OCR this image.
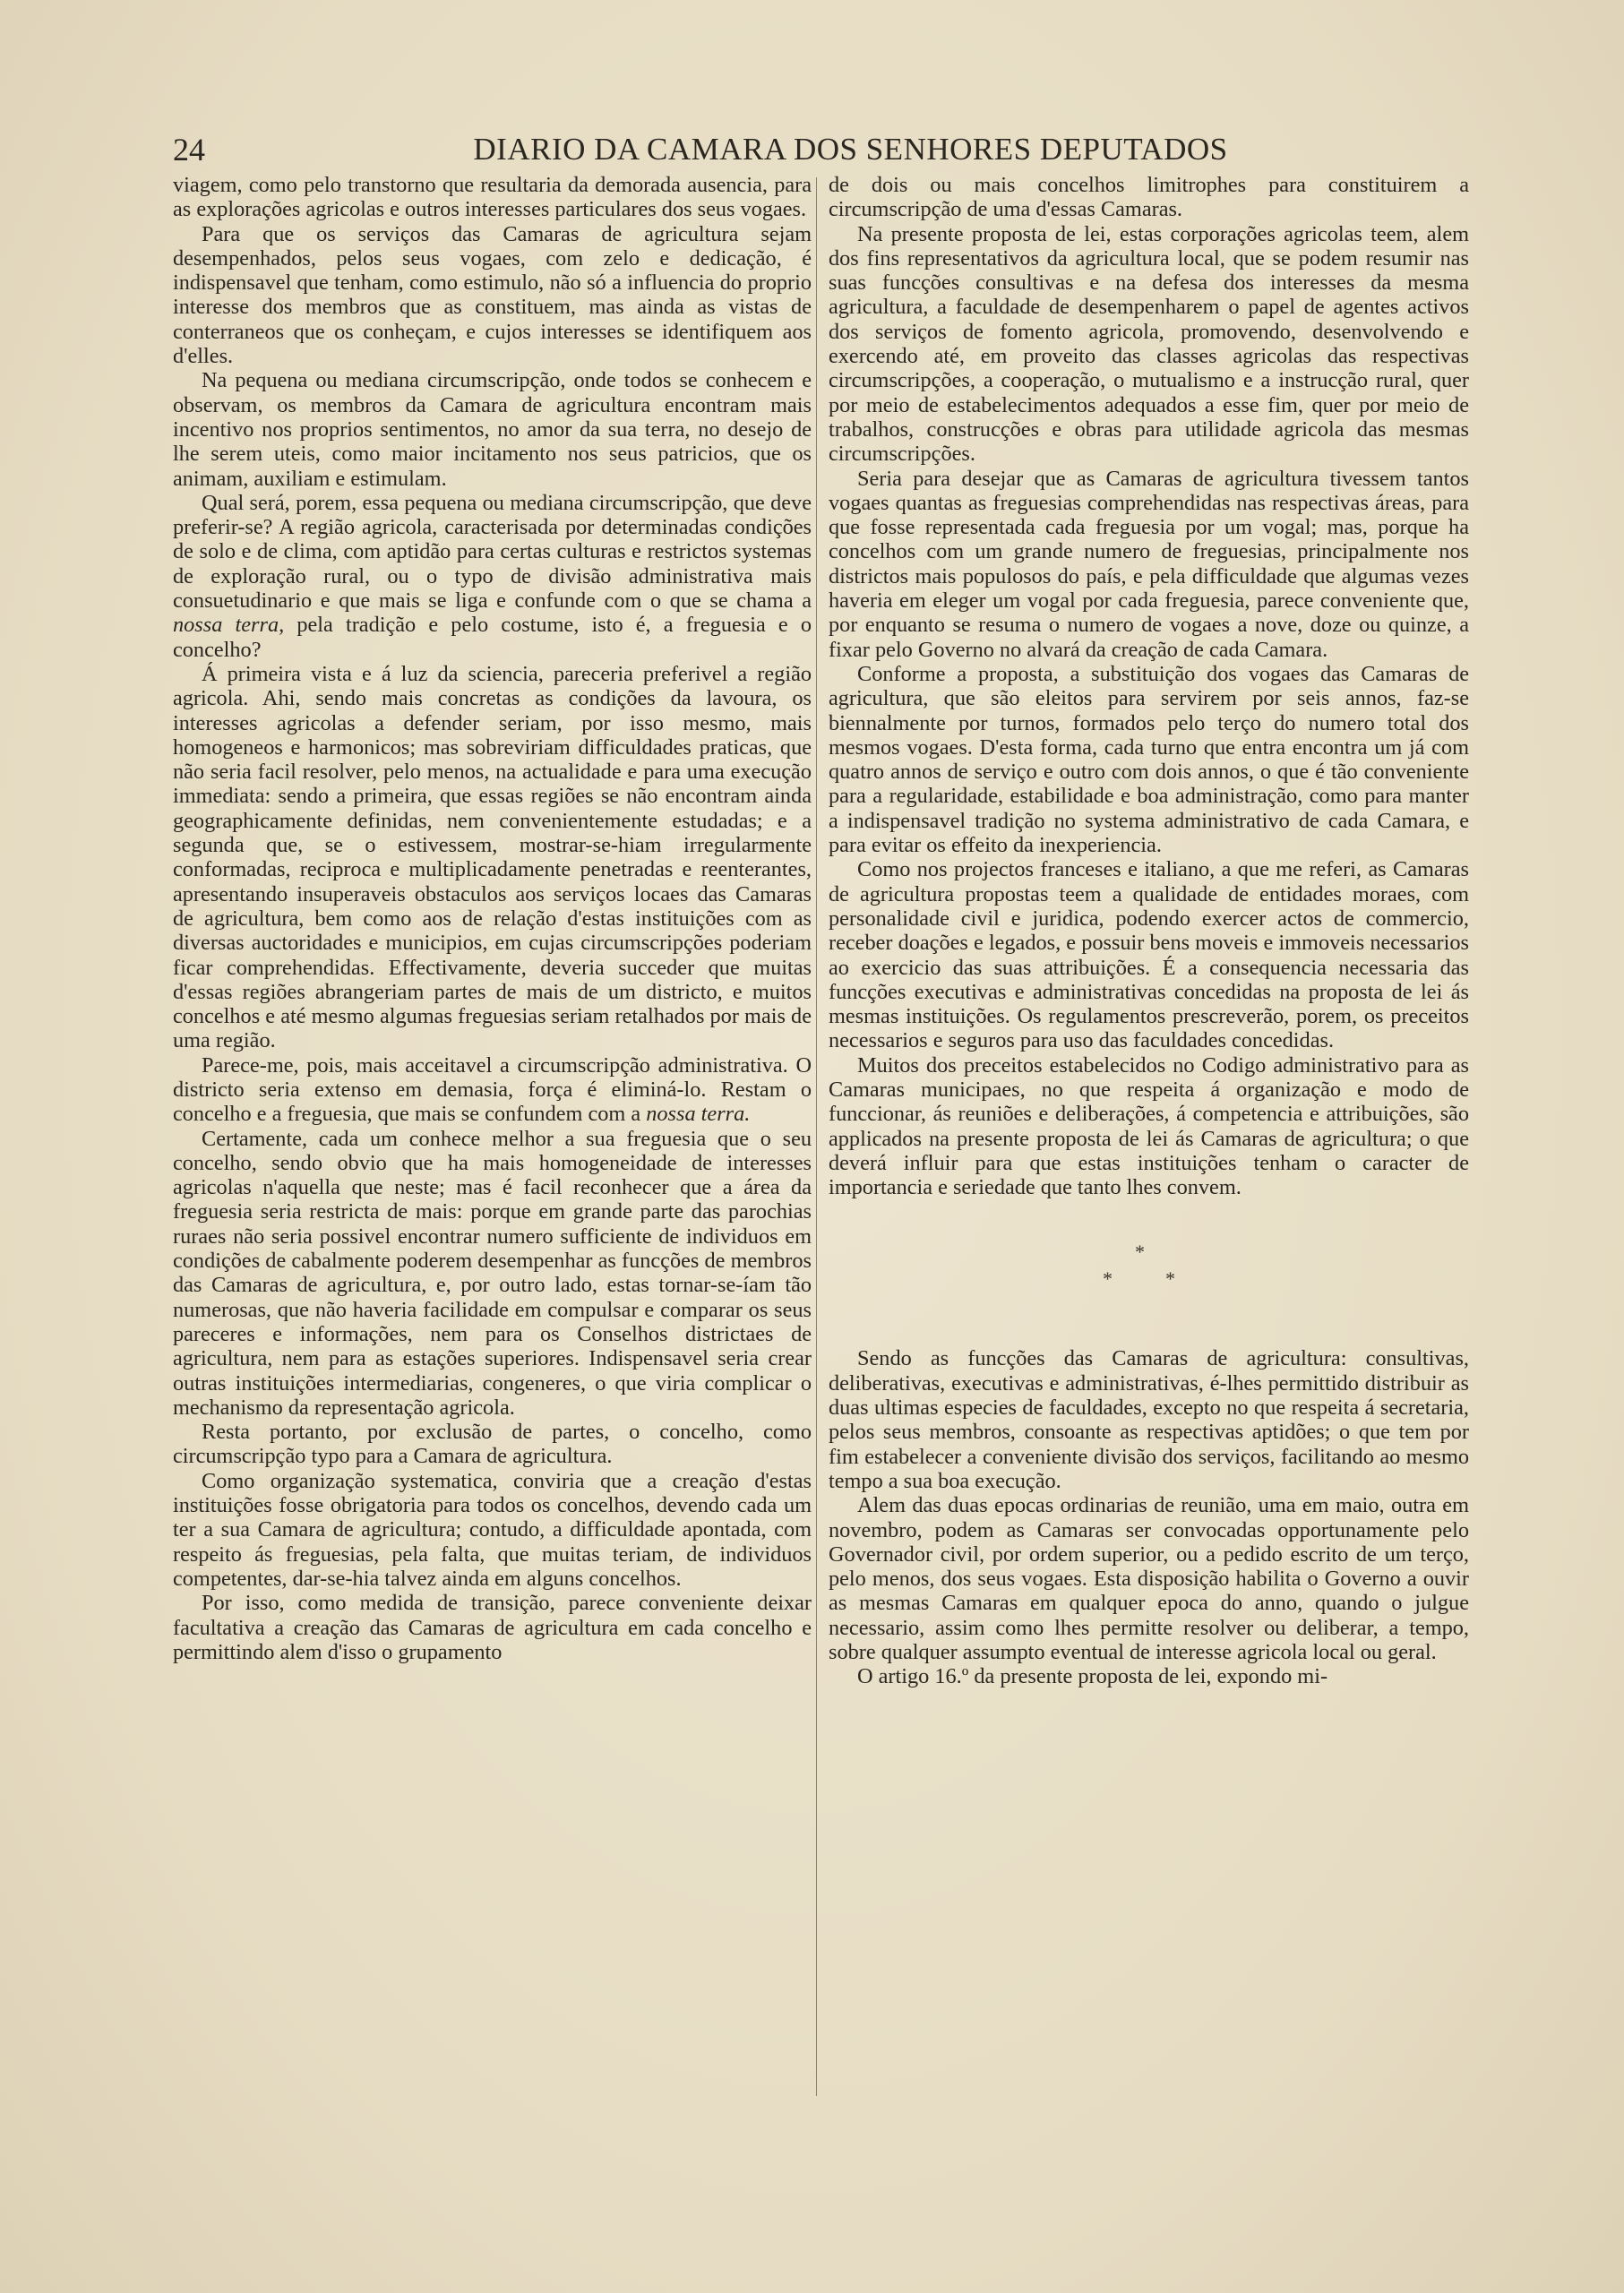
24	DIARIO DA CAMARA DOS SENHORES DEPUTADOS

viagem, como pelo transtorno que resultaria da demorada ausencia, para as explorações agricolas e outros interesses particulares dos seus vogaes.

Para que os serviços das Camaras de agricultura sejam desempenhados, pelos seus vogaes, com zelo e dedicação, é indispensavel que tenham, como estimulo, não só a influencia do proprio interesse dos membros que as constituem, mas ainda as vistas de conterraneos que os conheçam, e cujos interesses se identifiquem aos d'elles.

Na pequena ou mediana circumscripção, onde todos se conhecem e observam, os membros da Camara de agricultura encontram mais incentivo nos proprios sentimentos, no amor da sua terra, no desejo de lhe serem uteis, como maior incitamento nos seus patricios, que os animam, auxiliam e estimulam.

Qual será, porem, essa pequena ou mediana circumscripção, que deve preferir-se? A região agricola, caracterisada por determinadas condições de solo e de clima, com aptidão para certas culturas e restrictos systemas de exploração rural, ou o typo de divisão administrativa mais consuetudinario e que mais se liga e confunde com o que se chama a nossa terra, pela tradição e pelo costume, isto é, a freguesia e o concelho?

Á primeira vista e á luz da sciencia, pareceria preferivel a região agricola. Ahi, sendo mais concretas as condições da lavoura, os interesses agricolas a defender seriam, por isso mesmo, mais homogeneos e harmonicos; mas sobreviriam difficuldades praticas, que não seria facil resolver, pelo menos, na actualidade e para uma execução immediata: sendo a primeira, que essas regiões se não encontram ainda geographicamente definidas, nem convenientemente estudadas; e a segunda que, se o estivessem, mostrar-se-hiam irregularmente conformadas, reciproca e multiplicadamente penetradas e reenterantes, apresentando insuperaveis obstaculos aos serviços locaes das Camaras de agricultura, bem como aos de relação d'estas instituições com as diversas auctoridades e municipios, em cujas circumscripções poderiam ficar comprehendidas. Effectivamente, deveria succeder que muitas d'essas regiões abrangeriam partes de mais de um districto, e muitos concelhos e até mesmo algumas freguesias seriam retalhados por mais de uma região.

Parece-me, pois, mais acceitavel a circumscripção administrativa. O districto seria extenso em demasia, força é eliminá-lo. Restam o concelho e a freguesia, que mais se confundem com a nossa terra.

Certamente, cada um conhece melhor a sua freguesia que o seu concelho, sendo obvio que ha mais homogeneidade de interesses agricolas n'aquella que neste; mas é facil reconhecer que a área da freguesia seria restricta de mais: porque em grande parte das parochias ruraes não seria possivel encontrar numero sufficiente de individuos em condições de cabalmente poderem desempenhar as funcções de membros das Camaras de agricultura, e, por outro lado, estas tornar-se-íam tão numerosas, que não haveria facilidade em compulsar e comparar os seus pareceres e informações, nem para os Conselhos districtaes de agricultura, nem para as estações superiores. Indispensavel seria crear outras instituições intermediarias, congeneres, o que viria complicar o mechanismo da representação agricola.

Resta portanto, por exclusão de partes, o concelho, como circumscripção typo para a Camara de agricultura.

Como organização systematica, conviria que a creação d'estas instituições fosse obrigatoria para todos os concelhos, devendo cada um ter a sua Camara de agricultura; contudo, a difficuldade apontada, com respeito ás freguesias, pela falta, que muitas teriam, de individuos competentes, dar-se-hia talvez ainda em alguns concelhos.

Por isso, como medida de transição, parece conveniente deixar facultativa a creação das Camaras de agricultura em cada concelho e permittindo alem d'isso o grupamento

de dois ou mais concelhos limitrophes para constituirem a circumscripção de uma d'essas Camaras.

Na presente proposta de lei, estas corporações agricolas teem, alem dos fins representativos da agricultura local, que se podem resumir nas suas funcções consultivas e na defesa dos interesses da mesma agricultura, a faculdade de desempenharem o papel de agentes activos dos serviços de fomento agricola, promovendo, desenvolvendo e exercendo até, em proveito das classes agricolas das respectivas circumscripções, a cooperação, o mutualismo e a instrucção rural, quer por meio de estabelecimentos adequados a esse fim, quer por meio de trabalhos, construcções e obras para utilidade agricola das mesmas circumscripções.

Seria para desejar que as Camaras de agricultura tivessem tantos vogaes quantas as freguesias comprehendidas nas respectivas áreas, para que fosse representada cada freguesia por um vogal; mas, porque ha concelhos com um grande numero de freguesias, principalmente nos districtos mais populosos do país, e pela difficuldade que algumas vezes haveria em eleger um vogal por cada freguesia, parece conveniente que, por enquanto se resuma o numero de vogaes a nove, doze ou quinze, a fixar pelo Governo no alvará da creação de cada Camara.

Conforme a proposta, a substituição dos vogaes das Camaras de agricultura, que são eleitos para servirem por seis annos, faz-se biennalmente por turnos, formados pelo terço do numero total dos mesmos vogaes. D'esta forma, cada turno que entra encontra um já com quatro annos de serviço e outro com dois annos, o que é tão conveniente para a regularidade, estabilidade e boa administração, como para manter a indispensavel tradição no systema administrativo de cada Camara, e para evitar os effeito da inexperiencia.

Como nos projectos franceses e italiano, a que me referi, as Camaras de agricultura propostas teem a qualidade de entidades moraes, com personalidade civil e juridica, podendo exercer actos de commercio, receber doações e legados, e possuir bens moveis e immoveis necessarios ao exercicio das suas attribuições. É a consequencia necessaria das funcções executivas e administrativas concedidas na proposta de lei ás mesmas instituições. Os regulamentos prescreverão, porem, os preceitos necessarios e seguros para uso das faculdades concedidas.

Muitos dos preceitos estabelecidos no Codigo administrativo para as Camaras municipaes, no que respeita á organização e modo de funccionar, ás reuniões e deliberações, á competencia e attribuições, são applicados na presente proposta de lei ás Camaras de agricultura; o que deverá influir para que estas instituições tenham o caracter de importancia e seriedade que tanto lhes convem.

*
*	*

Sendo as funcções das Camaras de agricultura: consultivas, deliberativas, executivas e administrativas, é-lhes permittido distribuir as duas ultimas especies de faculdades, excepto no que respeita á secretaria, pelos seus membros, consoante as respectivas aptidões; o que tem por fim estabelecer a conveniente divisão dos serviços, facilitando ao mesmo tempo a sua boa execução.

Alem das duas epocas ordinarias de reunião, uma em maio, outra em novembro, podem as Camaras ser convocadas opportunamente pelo Governador civil, por ordem superior, ou a pedido escrito de um terço, pelo menos, dos seus vogaes. Esta disposição habilita o Governo a ouvir as mesmas Camaras em qualquer epoca do anno, quando o julgue necessario, assim como lhes permitte resolver ou deliberar, a tempo, sobre qualquer assumpto eventual de interesse agricola local ou geral.

O artigo 16.º da presente proposta de lei, expondo mi-
